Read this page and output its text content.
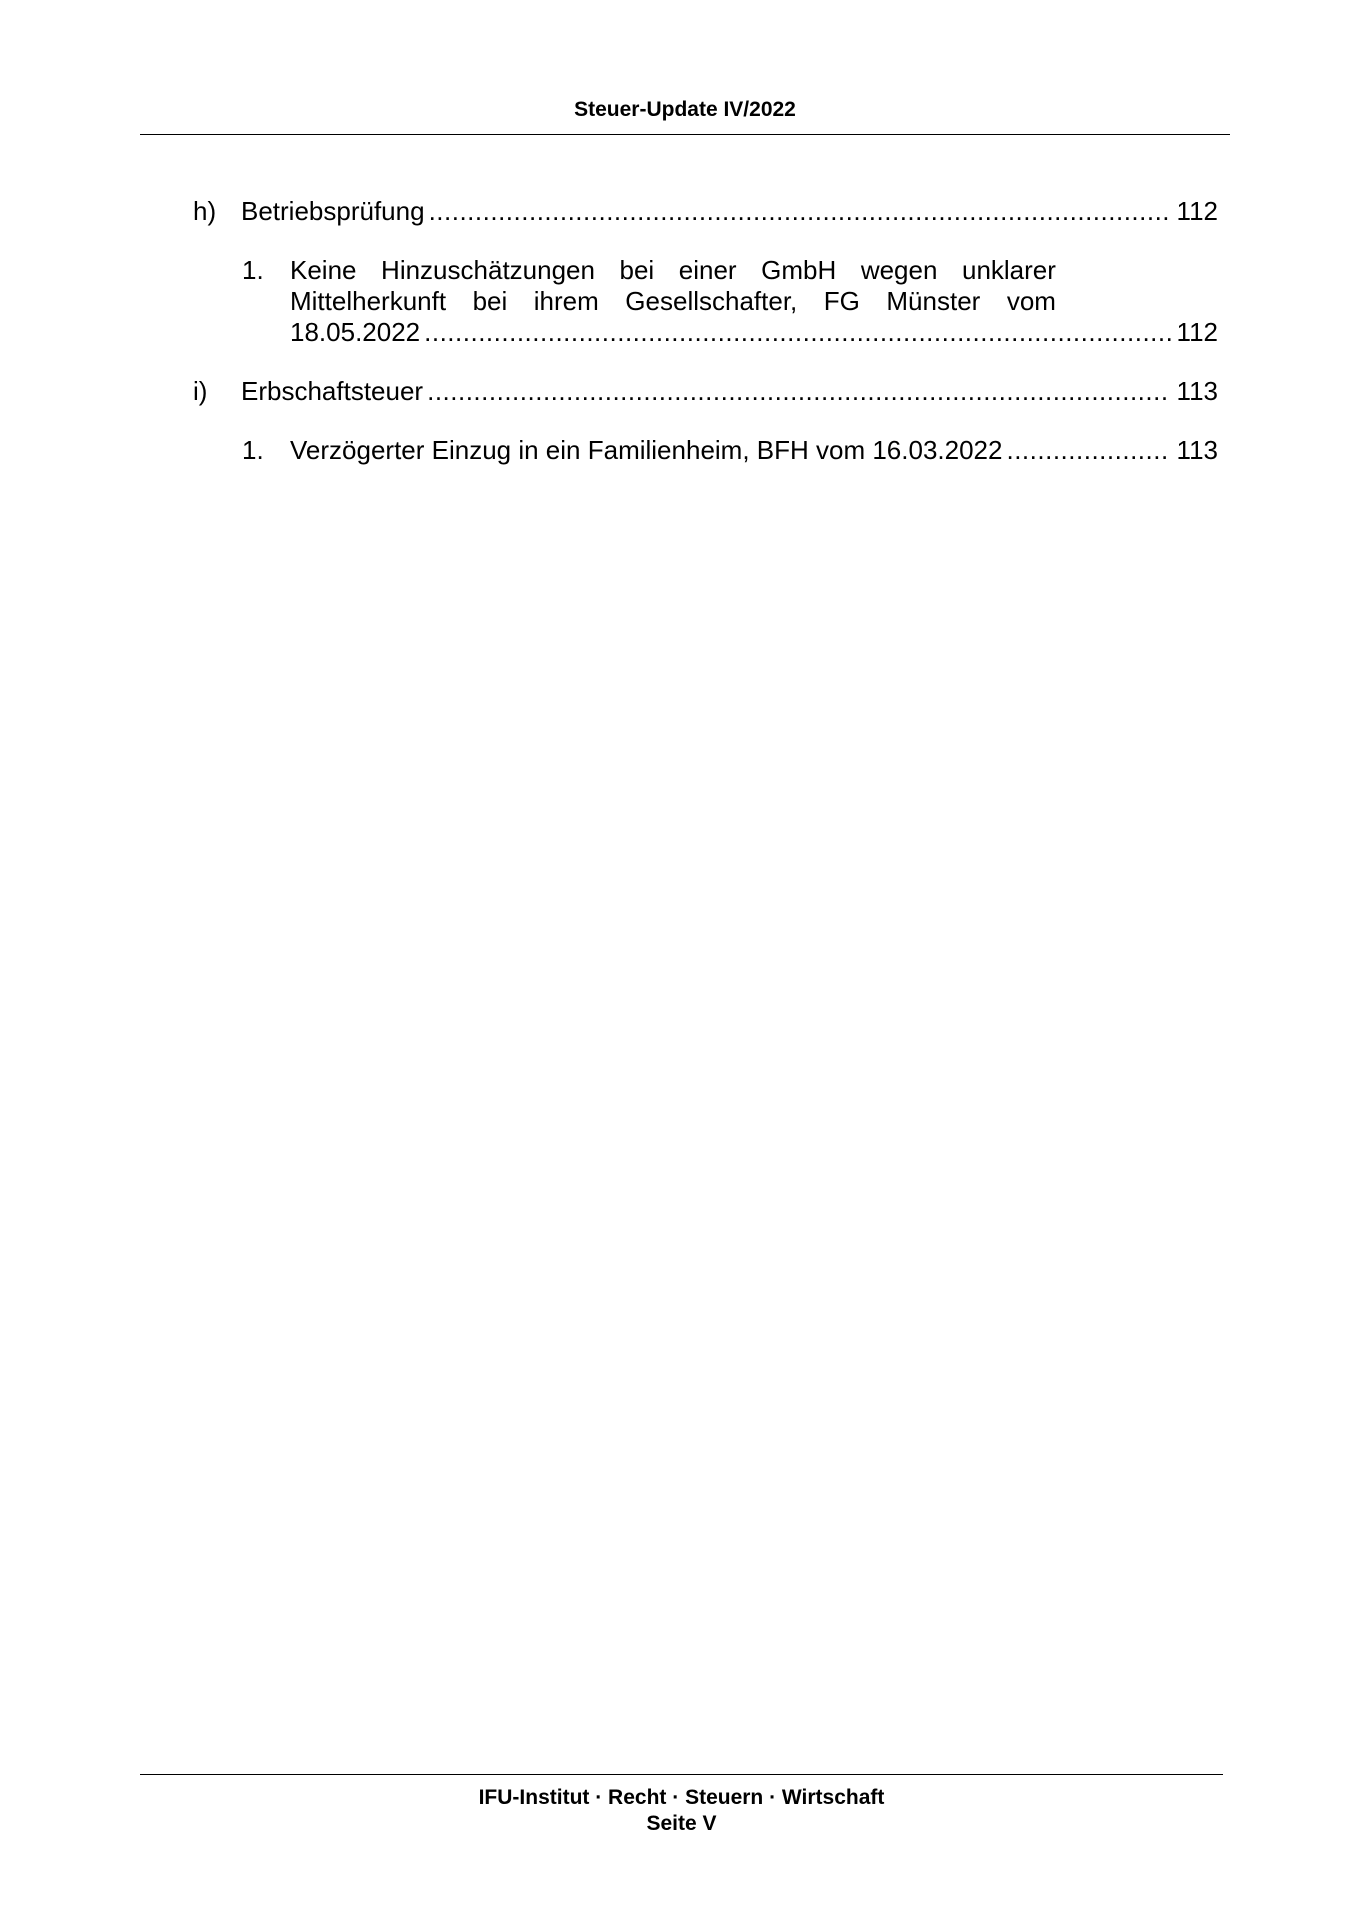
Steuer-Update IV/2022
h) Betriebsprüfung .....	112
1. Keine Hinzuschätzungen bei einer GmbH wegen unklarer
Mittelherkunft bei ihrem Gesellschafter, FG Münster vom
18.05.2022 .....	112
i)	Erbschaftsteuer .....	113
1.	Verzögerter Einzug in ein Familienheim, BFH vom 16.03.2022 .....	113
IFU-Institut · Recht · Steuern · Wirtschaft
Seite V
